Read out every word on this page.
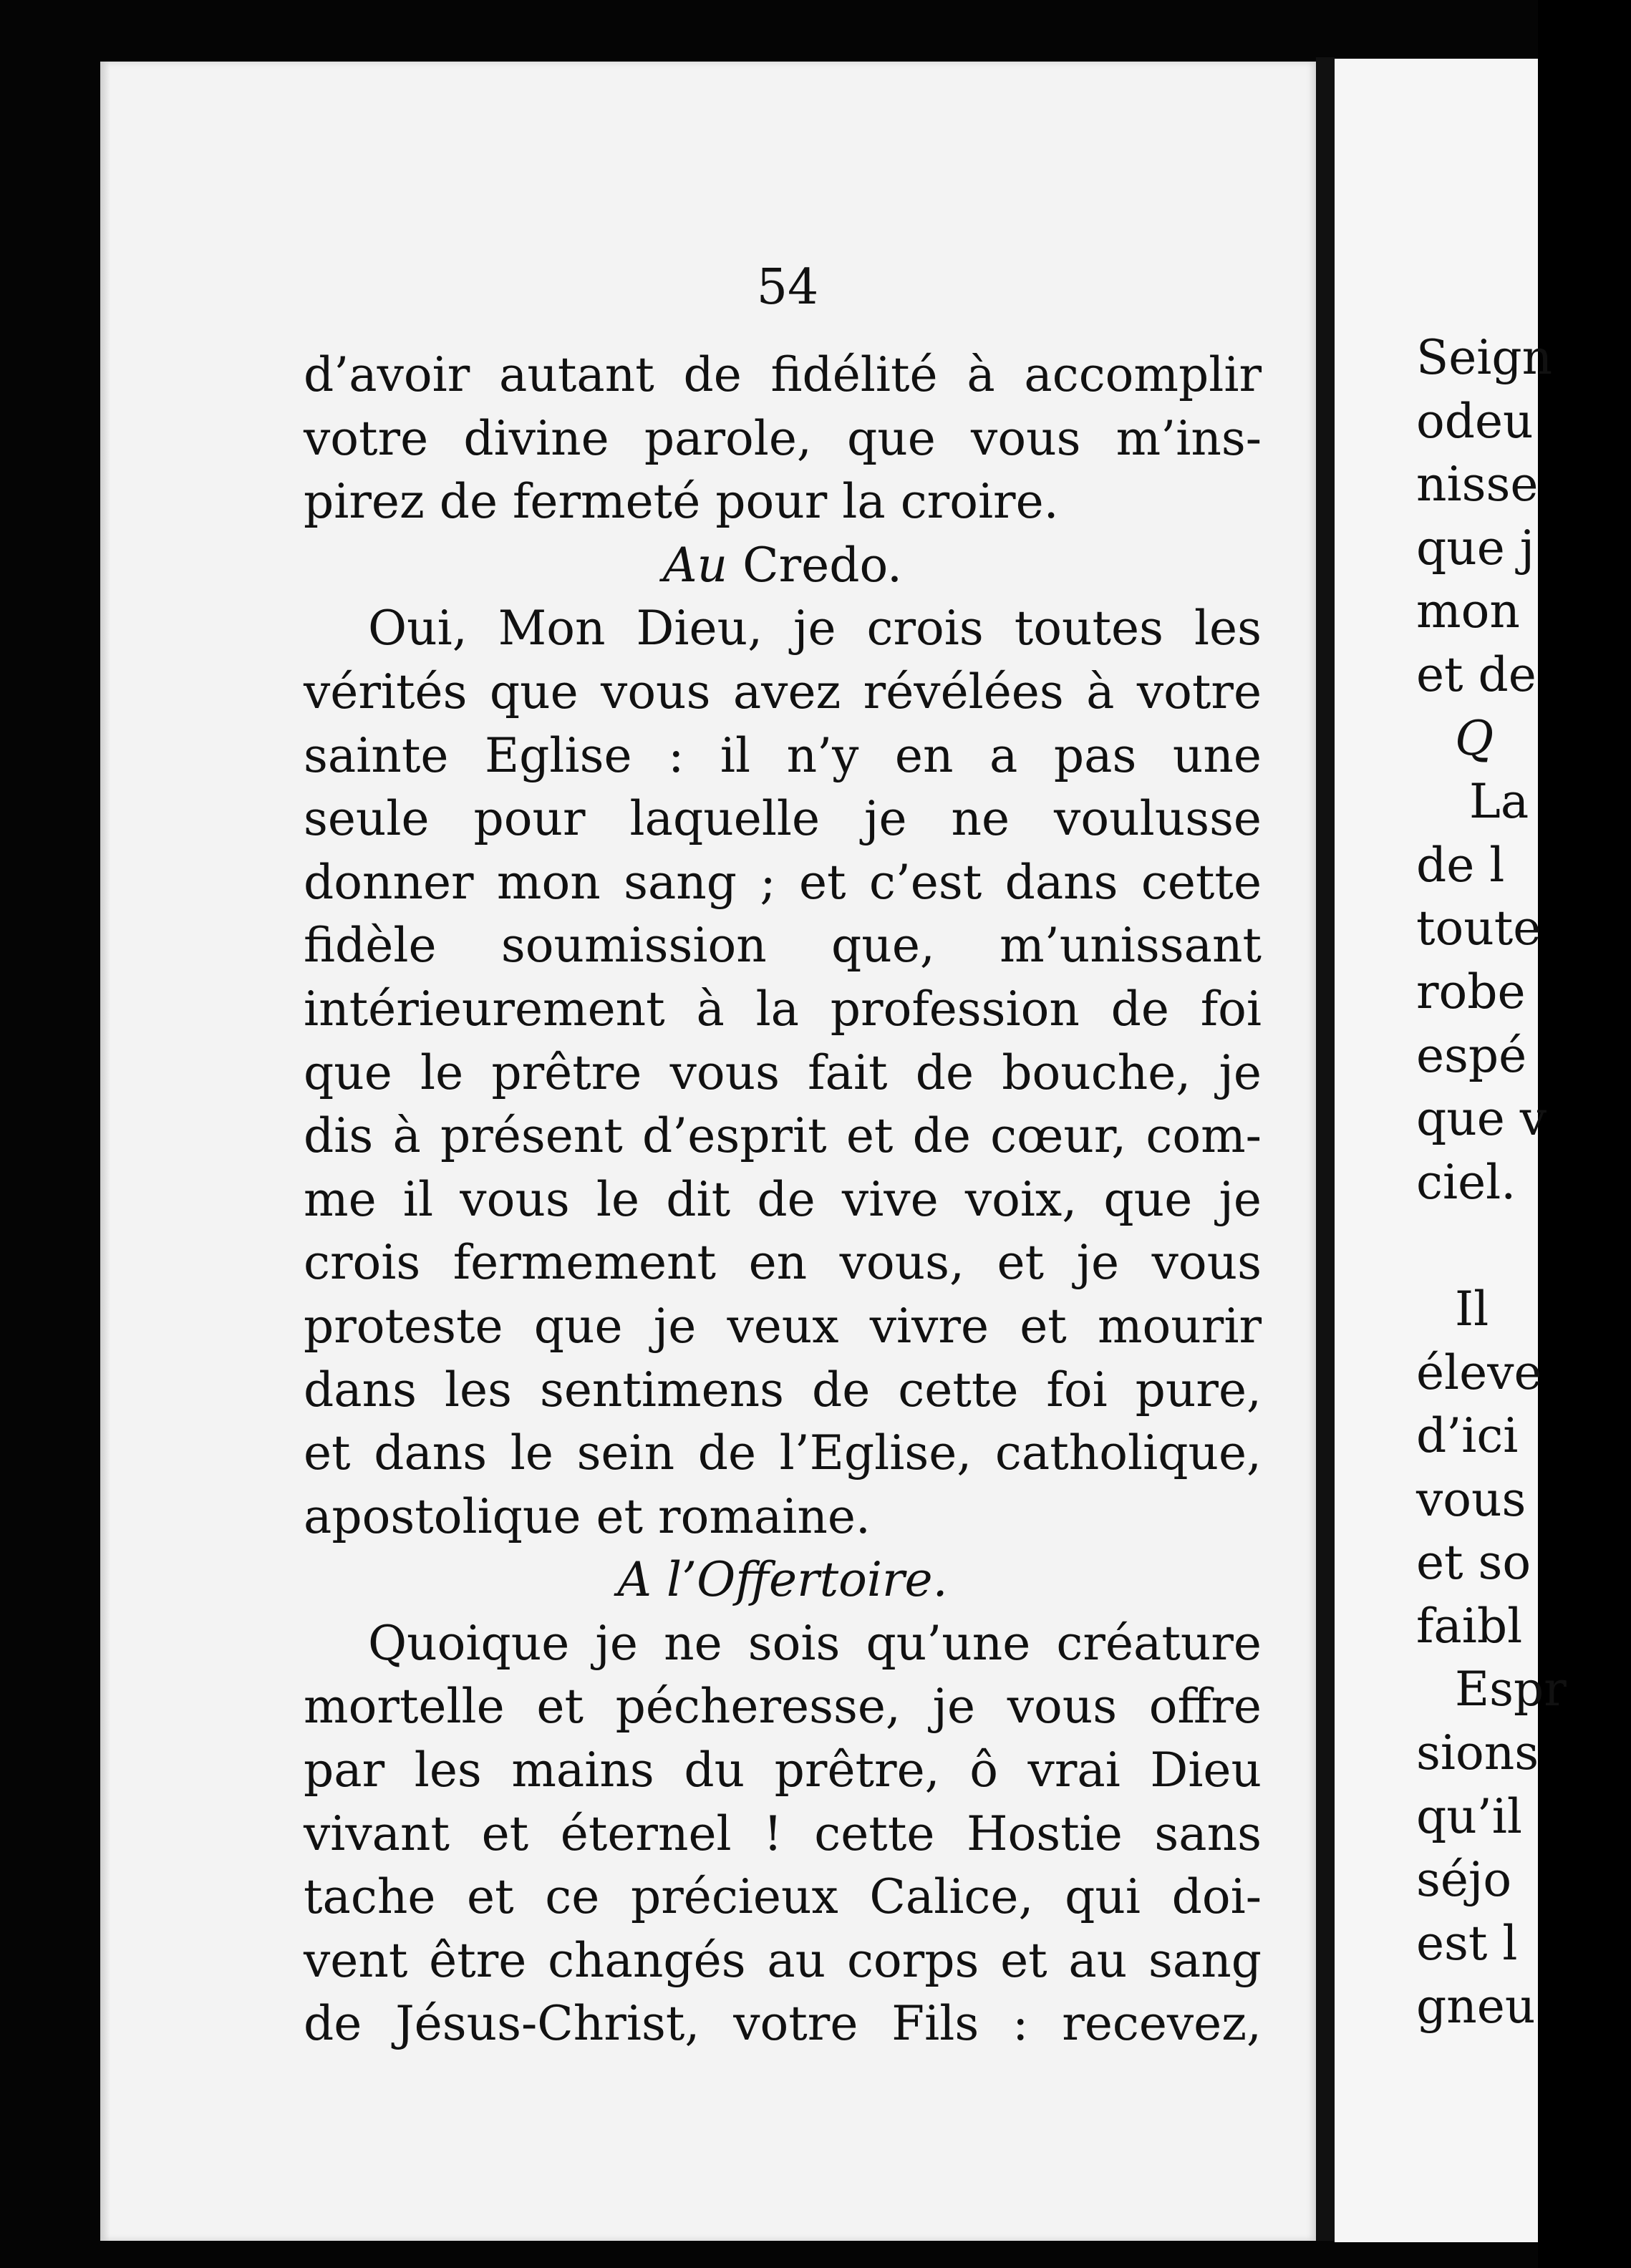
54
d’avoir autant de fidélité à accomplir
votre divine parole, que vous m’ins-
pirez de fermeté pour la croire.
Au Credo.
Oui, Mon Dieu, je crois toutes les
vérités que vous avez révélées à votre
sainte Eglise : il n’y en a pas une
seule pour laquelle je ne voulusse
donner mon sang ; et c’est dans cette
fidèle soumission que, m’unissant
intérieurement à la profession de foi
que le prêtre vous fait de bouche, je
dis à présent d’esprit et de cœur, com-
me il vous le dit de vive voix, que je
crois fermement en vous, et je vous
proteste que je veux vivre et mourir
dans les sentimens de cette foi pure,
et dans le sein de l’Eglise, catholique,
apostolique et romaine.
A l’Offertoire.
Quoique je ne sois qu’une créature
mortelle et pécheresse, je vous offre
par les mains du prêtre, ô vrai Dieu
vivant et éternel ! cette Hostie sans
tache et ce précieux Calice, qui doi-
vent être changés au corps et au sang
de Jésus-Christ, votre Fils : recevez,
Seign
odeu
nisse
que j
mon
et de
Q
La
de l
toute
robe
espé
que v
ciel.
Il
éleve
d’ici
vous
et so
faibl
Espr
sions
qu’il
séjo
est l
gneu
